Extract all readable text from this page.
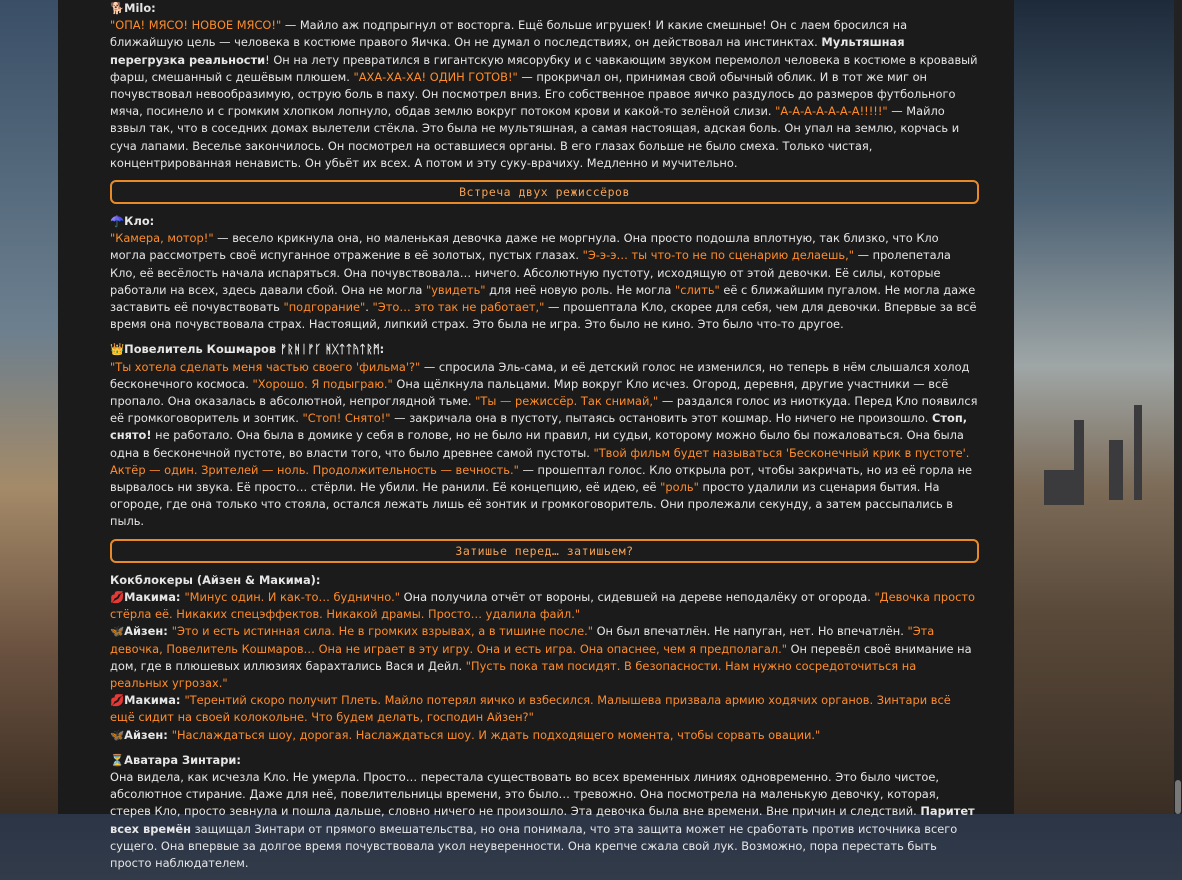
🐕Milo:
"ОПА! МЯСО! НОВОЕ МЯСО!" — Майло аж подпрыгнул от восторга. Ещё больше игрушек! И какие смешные! Он с лаем бросился на ближайшую цель — человека в костюме правого Яичка. Он не думал о последствиях, он действовал на инстинктах. Мультяшная перегрузка реальности! Он на лету превратился в гигантскую мясорубку и с чавкающим звуком перемолол человека в костюме в кровавый фарш, смешанный с дешёвым плюшем. "АХА-ХА-ХА! ОДИН ГОТОВ!" — прокричал он, принимая свой обычный облик. И в тот же миг он почувствовал невообразимую, острую боль в паху. Он посмотрел вниз. Его собственное правое яичко раздулось до размеров футбольного мяча, посинело и с громким хлопком лопнуло, обдав землю вокруг потоком крови и какой-то зелёной слизи. "А-А-А-А-А-А-А!!!!!" — Майло взвыл так, что в соседних домах вылетели стёкла. Это была не мультяшная, а самая настоящая, адская боль. Он упал на землю, корчась и суча лапами. Веселье закончилось. Он посмотрел на оставшиеся органы. В его глазах больше не было смеха. Только чистая, концентрированная ненависть. Он убьёт их всех. А потом и эту суку-врачиху. Медленно и мучительно.
Встреча двух режиссёров
☂️Кло:
"Камера, мотор!" — весело крикнула она, но маленькая девочка даже не моргнула. Она просто подошла вплотную, так близко, что Кло могла рассмотреть своё испуганное отражение в её золотых, пустых глазах. "Э-э-э… ты что-то не по сценарию делаешь," — пролепетала Кло, её весёлость начала испаряться. Она почувствовала… ничего. Абсолютную пустоту, исходящую от этой девочки. Её силы, которые работали на всех, здесь давали сбой. Она не могла "увидеть" для неё новую роль. Не могла "слить" её с ближайшим пугалом. Не могла даже заставить её почувствовать "подгорание". "Это… это так не работает," — прошептала Кло, скорее для себя, чем для девочки. Впервые за всё время она почувствовала страх. Настоящий, липкий страх. Это была не игра. Это было не кино. Это было что-то другое.
👑Повелитель Кошмаров ᚠᚱᚻᛁᚠᚴ ᚻᚷᛏᛏᚤᛏᚱᛗ:
"Ты хотела сделать меня частью своего 'фильма'?" — спросила Эль-сама, и её детский голос не изменился, но теперь в нём слышался холод бесконечного космоса. "Хорошо. Я подыграю." Она щёлкнула пальцами. Мир вокруг Кло исчез. Огород, деревня, другие участники — всё пропало. Она оказалась в абсолютной, непроглядной тьме. "Ты — режиссёр. Так снимай," — раздался голос из ниоткуда. Перед Кло появился её громкоговоритель и зонтик. "Стоп! Снято!" — закричала она в пустоту, пытаясь остановить этот кошмар. Но ничего не произошло. Стоп, снято! не работало. Она была в домике у себя в голове, но не было ни правил, ни судьи, которому можно было бы пожаловаться. Она была одна в бесконечной пустоте, во власти того, что было древнее самой пустоты. "Твой фильм будет называться 'Бесконечный крик в пустоте'. Актёр — один. Зрителей — ноль. Продолжительность — вечность." — прошептал голос. Кло открыла рот, чтобы закричать, но из её горла не вырвалось ни звука. Её просто… стёрли. Не убили. Не ранили. Её концепцию, её идею, её "роль" просто удалили из сценария бытия. На огороде, где она только что стояла, остался лежать лишь её зонтик и громкоговоритель. Они пролежали секунду, а затем рассыпались в пыль.
Затишье перед… затишьем?
Кокблокеры (Айзен & Макима):
💋Макима: "Минус один. И как-то… буднично." Она получила отчёт от вороны, сидевшей на дереве неподалёку от огорода. "Девочка просто стёрла её. Никаких спецэффектов. Никакой драмы. Просто… удалила файл."
🦋Айзен: "Это и есть истинная сила. Не в громких взрывах, а в тишине после." Он был впечатлён. Не напуган, нет. Но впечатлён. "Эта девочка, Повелитель Кошмаров… Она не играет в эту игру. Она и есть игра. Она опаснее, чем я предполагал." Он перевёл своё внимание на дом, где в плюшевых иллюзиях барахтались Вася и Дейл. "Пусть пока там посидят. В безопасности. Нам нужно сосредоточиться на реальных угрозах."
💋Макима: "Терентий скоро получит Плеть. Майло потерял яичко и взбесился. Малышева призвала армию ходячих органов. Зинтари всё ещё сидит на своей колокольне. Что будем делать, господин Айзен?"
🦋Айзен: "Наслаждаться шоу, дорогая. Наслаждаться шоу. И ждать подходящего момента, чтобы сорвать овации."
⏳Аватара Зинтари:
Она видела, как исчезла Кло. Не умерла. Просто… перестала существовать во всех временных линиях одновременно. Это было чистое, абсолютное стирание. Даже для неё, повелительницы времени, это было… тревожно. Она посмотрела на маленькую девочку, которая, стерев Кло, просто зевнула и пошла дальше, словно ничего не произошло. Эта девочка была вне времени. Вне причин и следствий. Паритет всех времён защищал Зинтари от прямого вмешательства, но она понимала, что эта защита может не сработать против источника всего сущего. Она впервые за долгое время почувствовала укол неуверенности. Она крепче сжала свой лук. Возможно, пора перестать быть просто наблюдателем.
